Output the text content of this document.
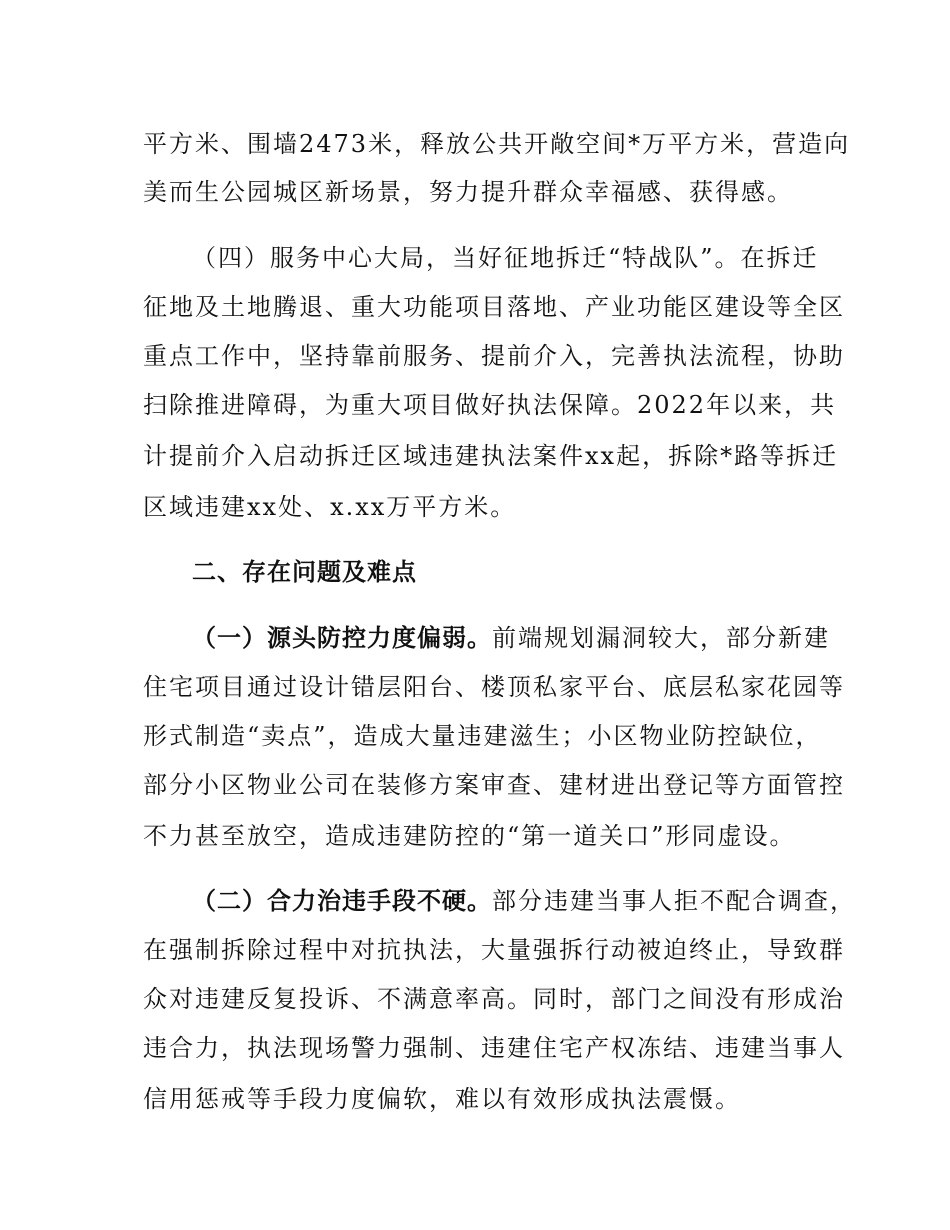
平方米、围墙2473米，释放公共开敞空间*万平方米，营造向
美而生公园城区新场景，努力提升群众幸福感、获得感。
（四）服务中心大局，当好征地拆迁“特战队”。在拆迁
征地及土地腾退、重大功能项目落地、产业功能区建设等全区
重点工作中，坚持靠前服务、提前介入，完善执法流程，协助
扫除推进障碍，为重大项目做好执法保障。2022年以来，共
计提前介入启动拆迁区域违建执法案件xx起，拆除*路等拆迁
区域违建xx处、x.xx万平方米。
二、存在问题及难点
（一）源头防控力度偏弱。前端规划漏洞较大，部分新建
住宅项目通过设计错层阳台、楼顶私家平台、底层私家花园等
形式制造“卖点”，造成大量违建滋生；小区物业防控缺位，
部分小区物业公司在装修方案审查、建材进出登记等方面管控
不力甚至放空，造成违建防控的“第一道关口”形同虚设。
（二）合力治违手段不硬。部分违建当事人拒不配合调查，
在强制拆除过程中对抗执法，大量强拆行动被迫终止，导致群
众对违建反复投诉、不满意率高。同时，部门之间没有形成治
违合力，执法现场警力强制、违建住宅产权冻结、违建当事人
信用惩戒等手段力度偏软，难以有效形成执法震慑。
